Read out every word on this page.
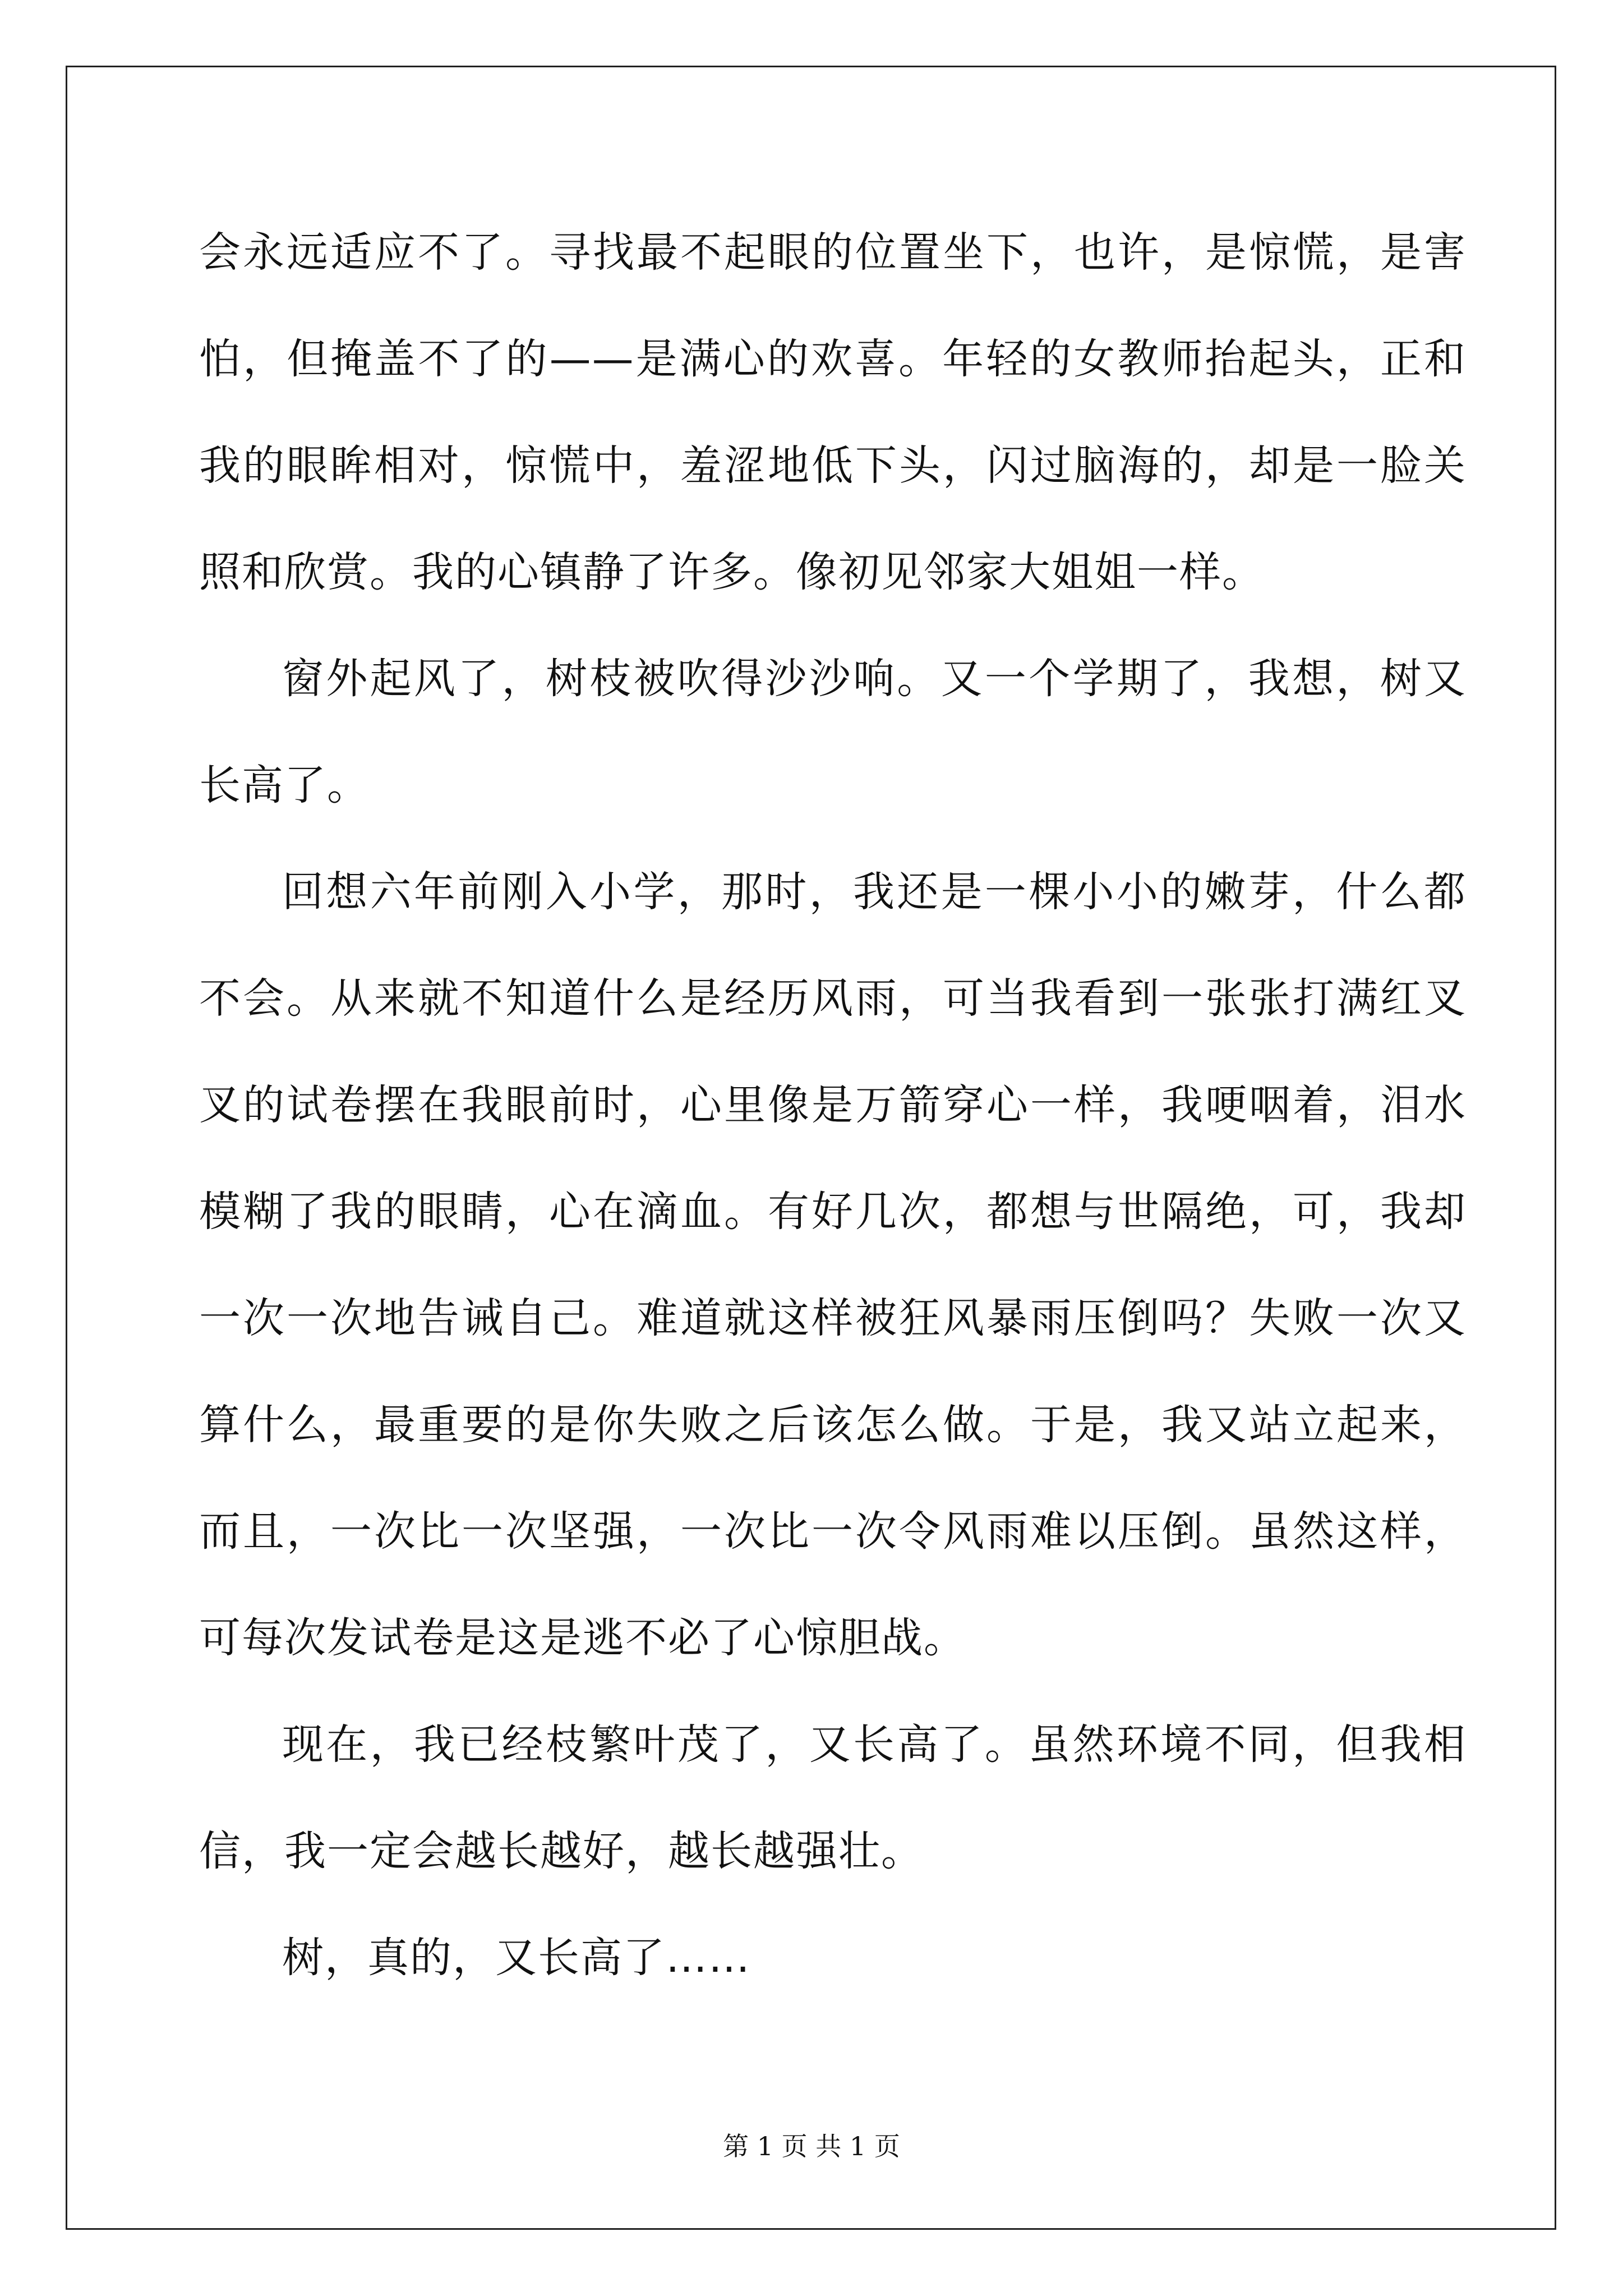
会永远适应不了。寻找最不起眼的位置坐下，也许，是惊慌，是害怕，但掩盖不了的——是满心的欢喜。年轻的女教师抬起头，正和我的眼眸相对，惊慌中，羞涩地低下头，闪过脑海的，却是一脸关照和欣赏。我的心镇静了许多。像初见邻家大姐姐一样。

窗外起风了，树枝被吹得沙沙响。又一个学期了，我想，树又长高了。

回想六年前刚入小学，那时，我还是一棵小小的嫩芽，什么都不会。从来就不知道什么是经历风雨，可当我看到一张张打满红叉叉的试卷摆在我眼前时，心里像是万箭穿心一样，我哽咽着，泪水模糊了我的眼睛，心在滴血。有好几次，都想与世隔绝，可，我却一次一次地告诫自己。难道就这样被狂风暴雨压倒吗？失败一次又算什么，最重要的是你失败之后该怎么做。于是，我又站立起来，而且，一次比一次坚强，一次比一次令风雨难以压倒。虽然这样，可每次发试卷是这是逃不必了心惊胆战。

现在，我已经枝繁叶茂了，又长高了。虽然环境不同，但我相信，我一定会越长越好，越长越强壮。

树，真的，又长高了……

第 1 页 共 1 页
